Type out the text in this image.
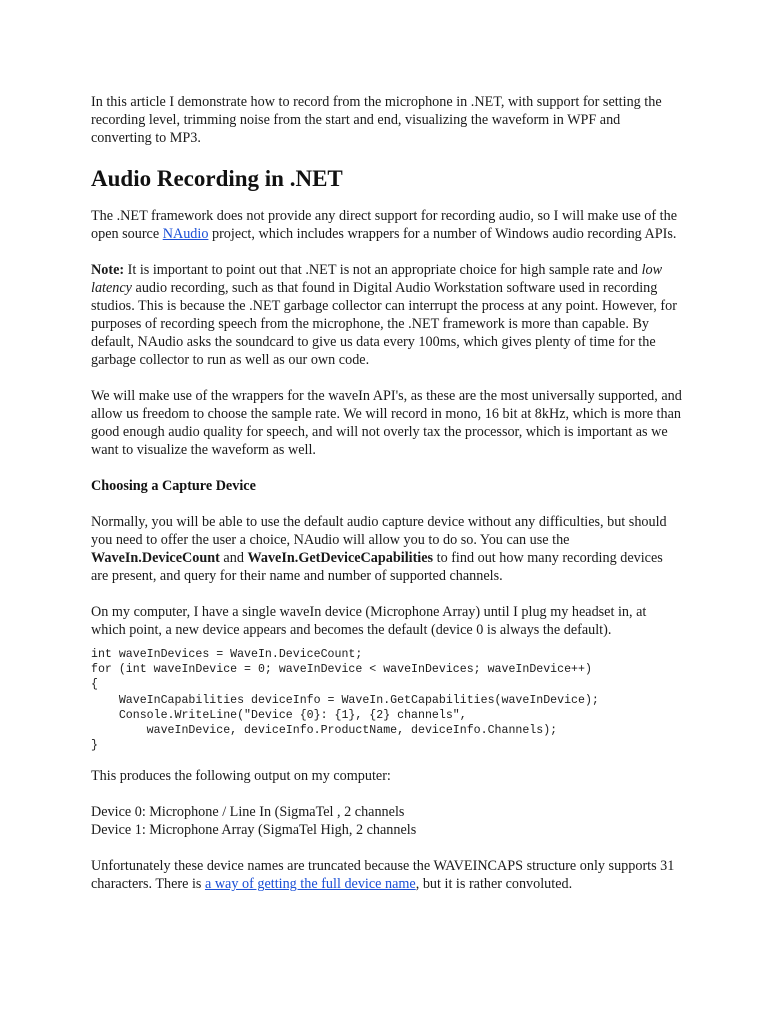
In this article I demonstrate how to record from the microphone in .NET, with support for setting the recording level, trimming noise from the start and end, visualizing the waveform in WPF and converting to MP3.

Audio Recording in .NET

The .NET framework does not provide any direct support for recording audio, so I will make use of the open source NAudio project, which includes wrappers for a number of Windows audio recording APIs.

Note: It is important to point out that .NET is not an appropriate choice for high sample rate and low latency audio recording, such as that found in Digital Audio Workstation software used in recording studios. This is because the .NET garbage collector can interrupt the process at any point. However, for purposes of recording speech from the microphone, the .NET framework is more than capable. By default, NAudio asks the soundcard to give us data every 100ms, which gives plenty of time for the garbage collector to run as well as our own code.

We will make use of the wrappers for the waveIn API's, as these are the most universally supported, and allow us freedom to choose the sample rate. We will record in mono, 16 bit at 8kHz, which is more than good enough audio quality for speech, and will not overly tax the processor, which is important as we want to visualize the waveform as well.

Choosing a Capture Device

Normally, you will be able to use the default audio capture device without any difficulties, but should you need to offer the user a choice, NAudio will allow you to do so. You can use the WaveIn.DeviceCount and WaveIn.GetDeviceCapabilities to find out how many recording devices are present, and query for their name and number of supported channels.

On my computer, I have a single waveIn device (Microphone Array) until I plug my headset in, at which point, a new device appears and becomes the default (device 0 is always the default).

int waveInDevices = WaveIn.DeviceCount;
for (int waveInDevice = 0; waveInDevice < waveInDevices; waveInDevice++)
{
WaveInCapabilities deviceInfo = WaveIn.GetCapabilities(waveInDevice);
Console.WriteLine("Device {0}: {1}, {2} channels",
waveInDevice, deviceInfo.ProductName, deviceInfo.Channels);
}

This produces the following output on my computer:

Device 0: Microphone / Line In (SigmaTel , 2 channels

Device 1: Microphone Array (SigmaTel High, 2 channels

Unfortunately these device names are truncated because the WAVEINCAPS structure only supports 31 characters. There is a way of getting the full device name, but it is rather convoluted.
